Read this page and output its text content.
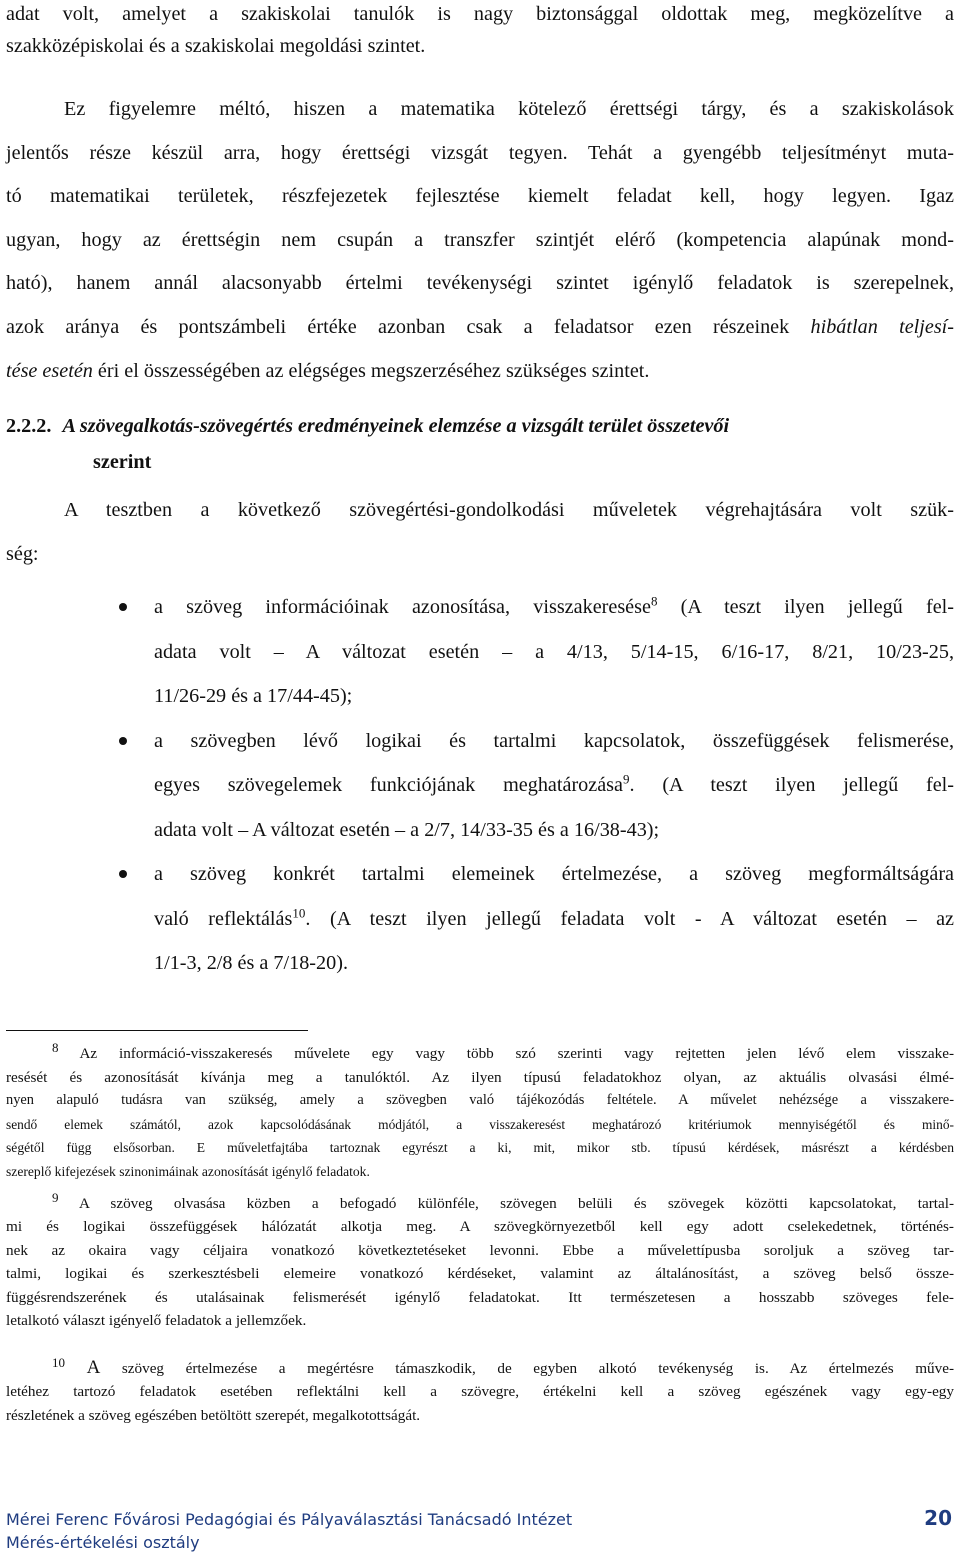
adat volt, amelyet a szakiskolai tanulók is nagy biztonsággal oldottak meg, megközelítve a

szakközépiskolai és a szakiskolai megoldási szintet.

Ez figyelemre méltó, hiszen a matematika kötelező érettségi tárgy, és a szakiskolások

jelentős része készül arra, hogy érettségi vizsgát tegyen. Tehát a gyengébb teljesítményt muta-

tó matematikai területek, részfejezetek fejlesztése kiemelt feladat kell, hogy legyen. Igaz

ugyan, hogy az érettségin nem csupán a transzfer szintjét elérő (kompetencia alapúnak mond-

ható), hanem annál alacsonyabb értelmi tevékenységi szintet igénylő feladatok is szerepelnek,

azok aránya és pontszámbeli értéke azonban csak a feladatsor ezen részeinek hibátlan teljesí-

tése esetén éri el összességében az elégséges megszerzéséhez szükséges szintet.

2.2.2. A szövegalkotás-szövegértés eredményeinek elemzése a vizsgált terület összetevői
szerint

A tesztben a következő szövegértési-gondolkodási műveletek végrehajtására volt szük-

ség:

a szöveg információinak azonosítása, visszakeresése$^8$ (A teszt ilyen jellegű fel-

adata volt – A változat esetén – a 4/13, 5/14-15, 6/16-17, 8/21, 10/23-25,

11/26-29 és a 17/44-45);

a szövegben lévő logikai és tartalmi kapcsolatok, összefüggések felismerése,

egyes szövegelemek funkciójának meghatározása$^9$. (A teszt ilyen jellegű fel-

adata volt – A változat esetén – a 2/7, 14/33-35 és a 16/38-43);

a szöveg konkrét tartalmi elemeinek értelmezése, a szöveg megformáltságára

való reflektálás$^{10}$. (A teszt ilyen jellegű feladata volt - A változat esetén – az

1/1-3, 2/8 és a 7/18-20).

8 Az információ-visszakeresés művelete egy vagy több szó szerinti vagy rejtetten jelen lévő elem visszake-

resését és azonosítását kívánja meg a tanulóktól. Az ilyen típusú feladatokhoz olyan, az aktuális olvasási élmé-

nyen alapuló tudásra van szükség, amely a szövegben való tájékozódás feltétele. A művelet nehézsége a visszakere-

sendő elemek számától, azok kapcsolódásának módjától, a visszakeresést meghatározó kritériumok mennyiségétől és minő-

ségétől függ elsősorban. E műveletfajtába tartoznak egyrészt a ki, mit, mikor stb. típusú kérdések, másrészt a kérdésben

szereplő kifejezések szinonimáinak azonosítását igénylő feladatok.

9 A szöveg olvasása közben a befogadó különféle, szövegen belüli és szövegek közötti kapcsolatokat, tartal-

mi és logikai összefüggések hálózatát alkotja meg. A szövegkörnyezetből kell egy adott cselekedetnek, történés-

nek az okaira vagy céljaira vonatkozó következtetéseket levonni. Ebbe a művelettípusba soroljuk a szöveg tar-

talmi, logikai és szerkesztésbeli elemeire vonatkozó kérdéseket, valamint az általánosítást, a szöveg belső össze-

függésrendszerének és utalásainak felismerését igénylő feladatokat. Itt természetesen a hosszabb szöveges fele-

letalkotó választ igényelő feladatok a jellemzőek.

10 A szöveg értelmezése a megértésre támaszkodik, de egyben alkotó tevékenység is. Az értelmezés műve-

letéhez tartozó feladatok esetében reflektálni kell a szövegre, értékelni kell a szöveg egészének vagy egy-egy

részletének a szöveg egészében betöltött szerepét, megalkotottságát.

Mérei Ferenc Fővárosi Pedagógiai és Pályaválasztási Tanácsadó Intézet
Mérés-értékelési osztály
20
